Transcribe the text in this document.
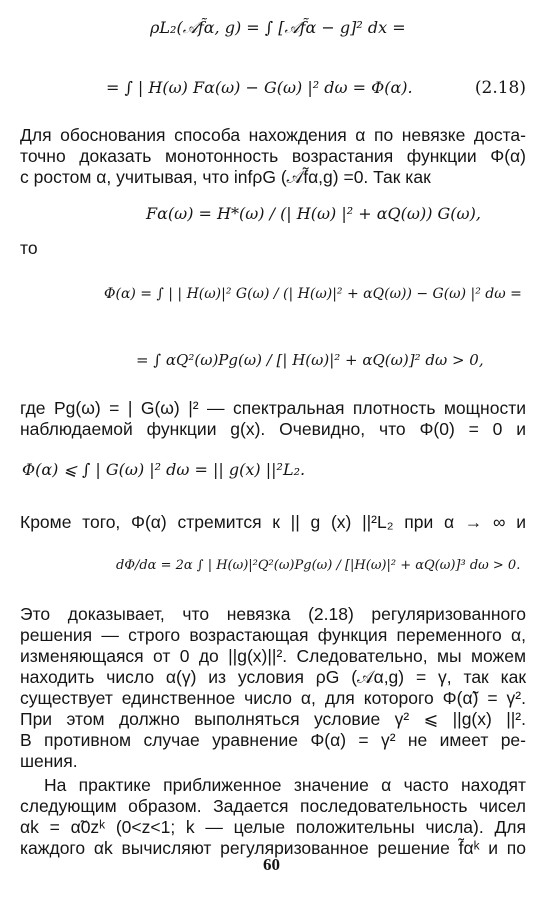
ρL₂(𝒜f̃α, g) = ∫ [𝒜f̃α − g]² dx =
= ∫ | H(ω) Fα(ω) − G(ω) |² dω = Φ(α).	(2.18)
Для обоснования способа нахождения α по невязке доста-
точно доказать монотонность возрастания функции Φ(α)
с ростом α, учитывая, что infρG (𝒜f̃α,g) =0. Так как
Fα(ω) = H*(ω) / (| H(ω) |² + αQ(ω)) G(ω),
то
Φ(α) = ∫ | | H(ω)|² G(ω) / (| H(ω)|² + αQ(ω)) − G(ω) |² dω =
= ∫ αQ²(ω)Pg(ω) / [| H(ω)|² + αQ(ω)]² dω > 0,
где Pg(ω) = | G(ω) |² — спектральная плотность мощности
наблюдаемой функции g(x). Очевидно, что Φ(0) = 0 и
Φ(α) ⩽ ∫ | G(ω) |² dω = || g(x) ||²L₂.
Кроме того, Φ(α) стремится к || g (x) ||²L₂ при α → ∞ и
dΦ/dα = 2α ∫ | H(ω)|²Q²(ω)Pg(ω) / [|H(ω)|² + αQ(ω)]³ dω > 0.
Это доказывает, что невязка (2.18) регуляризованного
решения — строго возрастающая функция переменного α,
изменяющаяся от 0 до ||g(x)||². Следовательно, мы можем
находить число α(γ) из условия ρG (𝒜α,g) = γ, так как
существует единственное число α, для которого Φ(α̃) = γ².
При этом должно выполняться условие γ² ⩽ ||g(x) ||².
В противном случае уравнение Φ(α) = γ² не имеет ре-
шения.
На практике приближенное значение α часто находят
следующим образом. Задается последовательность чисел
αk = α̃0zᵏ (0<z<1; k — целые положительны числа). Для
каждого αk вычисляют регуляризованное решение f̃αᵏ и по
60
